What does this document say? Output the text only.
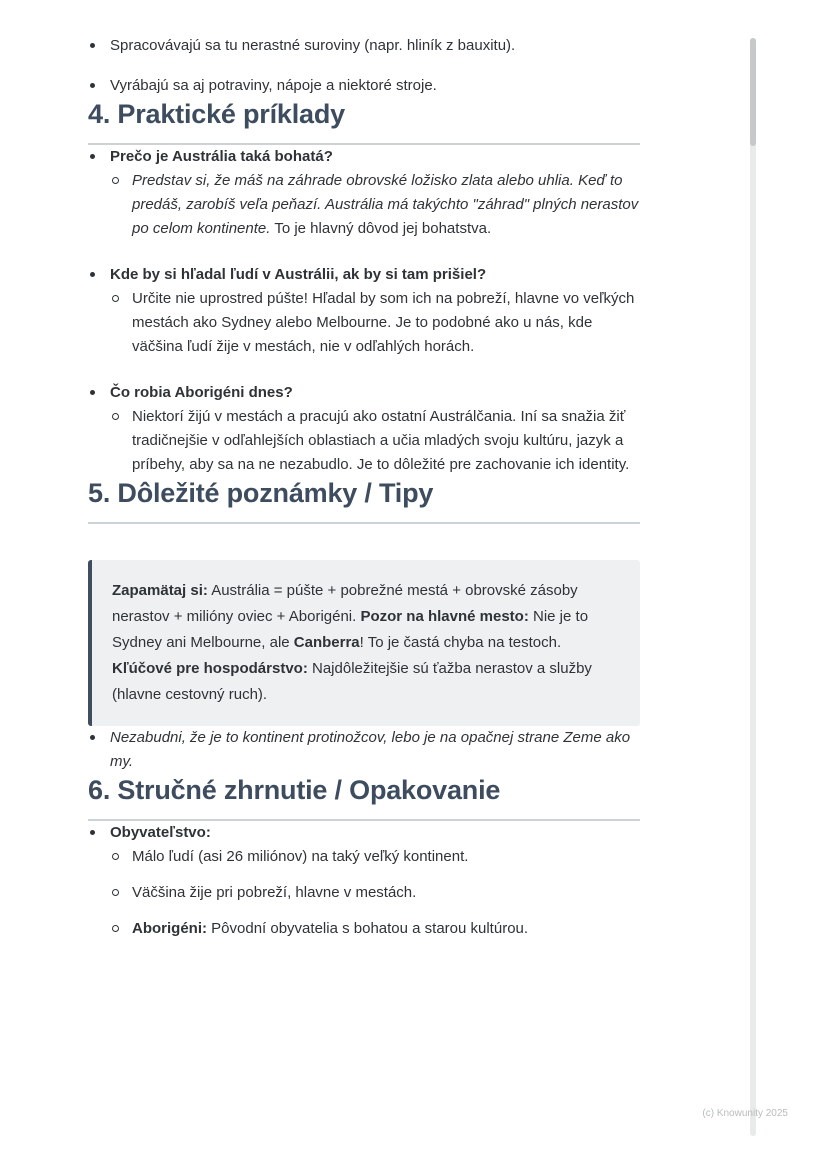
Spracovávajú sa tu nerastné suroviny (napr. hliník z bauxitu).
Vyrábajú sa aj potraviny, nápoje a niektoré stroje.
4. Praktické príklady
Prečo je Austrália taká bohatá?
Predstav si, že máš na záhrade obrovské ložisko zlata alebo uhlia. Keď to predáš, zarobíš veľa peňazí. Austrália má takýchto "záhrad" plných nerastov po celom kontinente. To je hlavný dôvod jej bohatstva.
Kde by si hľadal ľudí v Austrálii, ak by si tam prišiel?
Určite nie uprostred púšte! Hľadal by som ich na pobreží, hlavne vo veľkých mestách ako Sydney alebo Melbourne. Je to podobné ako u nás, kde väčšina ľudí žije v mestách, nie v odľahlých horách.
Čo robia Aborigéni dnes?
Niektorí žijú v mestách a pracujú ako ostatní Austrálčania. Iní sa snažia žiť tradičnejšie v odľahlejších oblastiach a učia mladých svoju kultúru, jazyk a príbehy, aby sa na ne nezabudlo. Je to dôležité pre zachovanie ich identity.
5. Dôležité poznámky / Tipy
Zapamätaj si: Austrália = púšte + pobrežné mestá + obrovské zásoby nerastov + milióny oviec + Aborigéni. Pozor na hlavné mesto: Nie je to Sydney ani Melbourne, ale Canberra! To je častá chyba na testoch. Kľúčové pre hospodárstvo: Najdôležitejšie sú ťažba nerastov a služby (hlavne cestovný ruch).
Nezabudni, že je to kontinent protinožcov, lebo je na opačnej strane Zeme ako my.
6. Stručné zhrnutie / Opakovanie
Obyvateľstvo:
Málo ľudí (asi 26 miliónov) na taký veľký kontinent.
Väčšina žije pri pobreží, hlavne v mestách.
Aborigéni: Pôvodní obyvatelia s bohatou a starou kultúrou.
(c) Knowunity 2025
